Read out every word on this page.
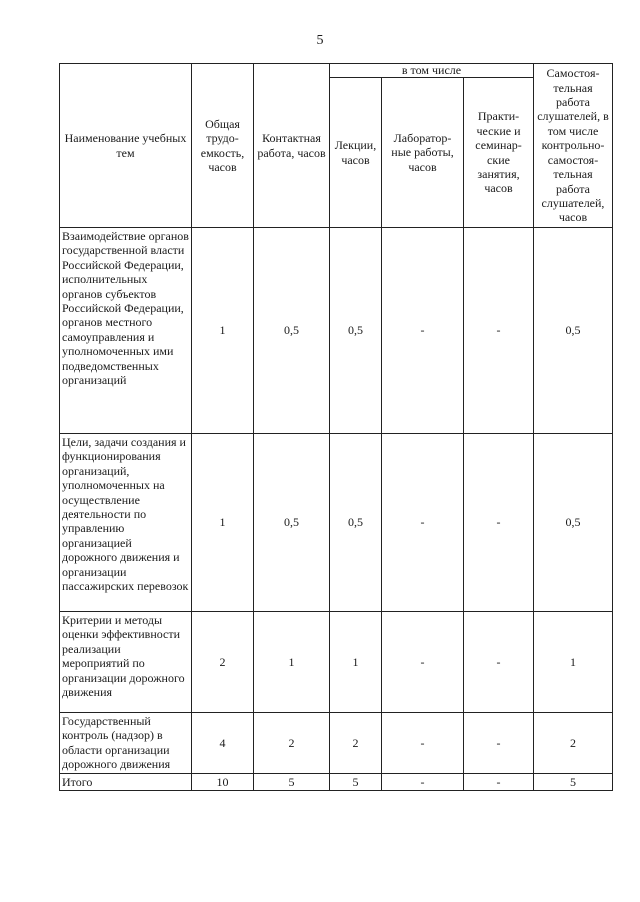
5
Наименование учебных тем	Общая трудо-емкость, часов	Контактная работа, часов	в том числе			Самостоя-тельная работа слушателей, в том числе контрольно-самостоя-тельная работа слушателей, часов
			Лекции, часов	Лаборатор-ные работы, часов	Практи-ческие и семинар-ские занятия, часов	
Взаимодействие органов государственной власти Российской Федерации, исполнительных органов субъектов Российской Федерации, органов местного самоуправления и уполномоченных ими подведомственных организаций	1	0,5	0,5	-	-	0,5
Цели, задачи создания и функционирования организаций, уполномоченных на осуществление деятельности по управлению организацией дорожного движения и организации пассажирских перевозок	1	0,5	0,5	-	-	0,5
Критерии и методы оценки эффективности реализации мероприятий по организации дорожного движения	2	1	1	-	-	1
Государственный контроль (надзор) в области организации дорожного движения	4	2	2	-	-	2
Итого	10	5	5	-	-	5
